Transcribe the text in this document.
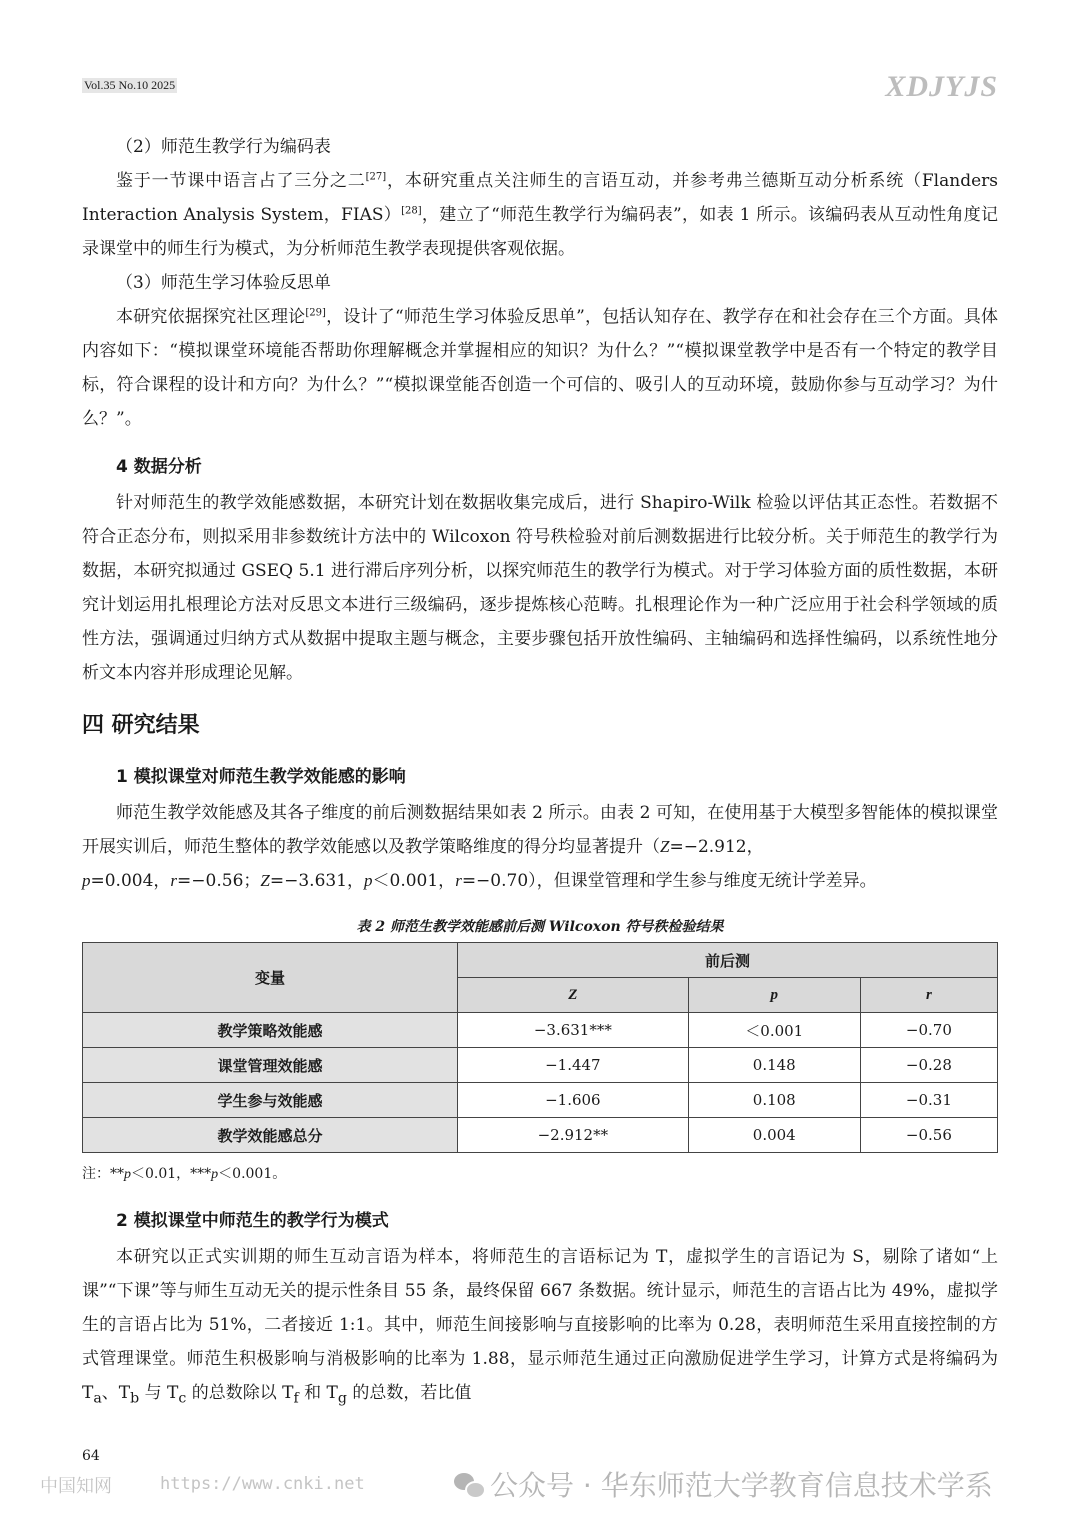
Vol.35 No.10 2025	XDJYJS

（2）师范生教学行为编码表

鉴于一节课中语言占了三分之二[27]，本研究重点关注师生的言语互动，并参考弗兰德斯互动分析系统（Flanders Interaction Analysis System，FIAS）[28]，建立了“师范生教学行为编码表”，如表 1 所示。该编码表从互动性角度记录课堂中的师生行为模式，为分析师范生教学表现提供客观依据。

（3）师范生学习体验反思单

本研究依据探究社区理论[29]，设计了“师范生学习体验反思单”，包括认知存在、教学存在和社会存在三个方面。具体内容如下：“模拟课堂环境能否帮助你理解概念并掌握相应的知识？为什么？”“模拟课堂教学中是否有一个特定的教学目标，符合课程的设计和方向？为什么？”“模拟课堂能否创造一个可信的、吸引人的互动环境，鼓励你参与互动学习？为什么？”。

4 数据分析

针对师范生的教学效能感数据，本研究计划在数据收集完成后，进行 Shapiro-Wilk 检验以评估其正态性。若数据不符合正态分布，则拟采用非参数统计方法中的 Wilcoxon 符号秩检验对前后测数据进行比较分析。关于师范生的教学行为数据，本研究拟通过 GSEQ 5.1 进行滞后序列分析，以探究师范生的教学行为模式。对于学习体验方面的质性数据，本研究计划运用扎根理论方法对反思文本进行三级编码，逐步提炼核心范畴。扎根理论作为一种广泛应用于社会科学领域的质性方法，强调通过归纳方式从数据中提取主题与概念，主要步骤包括开放性编码、主轴编码和选择性编码，以系统性地分析文本内容并形成理论见解。

四 研究结果
1 模拟课堂对师范生教学效能感的影响

师范生教学效能感及其各子维度的前后测数据结果如表 2 所示。由表 2 可知，在使用基于大模型多智能体的模拟课堂开展实训后，师范生整体的教学效能感以及教学策略维度的得分均显著提升（Z=−2.912，
p=0.004，r=−0.56；Z=−3.631，p＜0.001，r=−0.70），但课堂管理和学生参与维度无统计学差异。

表 2 师范生教学效能感前后测 Wilcoxon 符号秩检验结果
变量	前后测		
	Z	p	r
教学策略效能感	−3.631***	＜0.001	−0.70
课堂管理效能感	−1.447	0.148	−0.28
学生参与效能感	−1.606	0.108	−0.31
教学效能感总分	−2.912**	0.004	−0.56

注：**p＜0.01，***p＜0.001。

2 模拟课堂中师范生的教学行为模式

本研究以正式实训期的师生互动言语为样本，将师范生的言语标记为 T，虚拟学生的言语记为 S，剔除了诸如“上课”“下课”等与师生互动无关的提示性条目 55 条，最终保留 667 条数据。统计显示，师范生的言语占比为 49%，虚拟学生的言语占比为 51%，二者接近 1:1。其中，师范生间接影响与直接影响的比率为 0.28，表明师范生采用直接控制的方式管理课堂。师范生积极影响与消极影响的比率为 1.88，显示师范生通过正向激励促进学生学习，计算方式是将编码为 $T_a$、$T_b$ 与 $T_c$ 的总数除以 $T_f$ 和 $T_g$ 的总数，若比值

64
中国知网	https://www.cnki.net	公众号 · 华东师范大学教育信息技术学系
